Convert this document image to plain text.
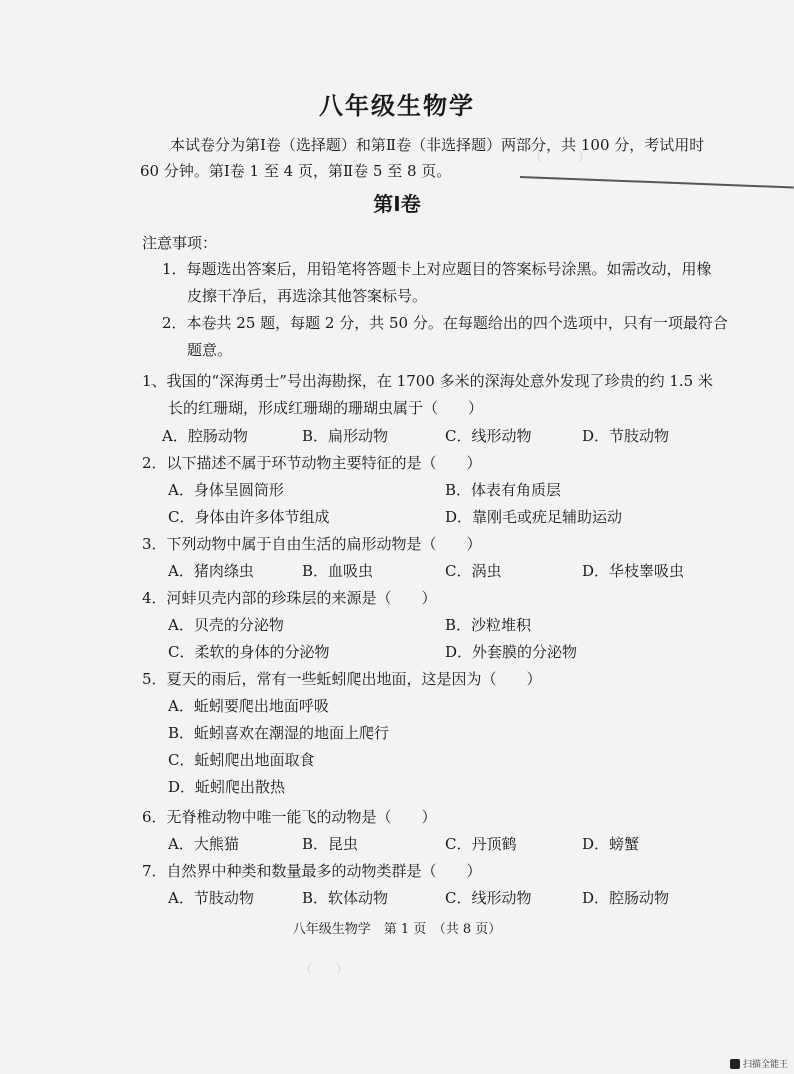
（　　　）　　　　

八年级生物学
本试卷分为第Ⅰ卷（选择题）和第Ⅱ卷（非选择题）两部分，共 100 分，考试用时
60 分钟。第Ⅰ卷 1 至 4 页，第Ⅱ卷 5 至 8 页。
第Ⅰ卷
注意事项：
1．每题选出答案后，用铅笔将答题卡上对应题目的答案标号涂黑。如需改动，用橡
皮擦干净后，再选涂其他答案标号。
2．本卷共 25 题，每题 2 分，共 50 分。在每题给出的四个选项中，只有一项最符合
题意。
1、我国的“深海勇士”号出海勘探，在 1700 多米的深海处意外发现了珍贵的约 1.5 米
长的红珊瑚，形成红珊瑚的珊瑚虫属于（　　）
A．腔肠动物	B．扁形动物	C．线形动物	D．节肢动物
2．以下描述不属于环节动物主要特征的是（　　）
A．身体呈圆筒形	B．体表有角质层
C．身体由许多体节组成	D．靠刚毛或疣足辅助运动
3．下列动物中属于自由生活的扁形动物是（　　）
A．猪肉绦虫	B．血吸虫	C．涡虫	D．华枝睾吸虫
4．河蚌贝壳内部的珍珠层的来源是（　　）
A．贝壳的分泌物	B．沙粒堆积
C．柔软的身体的分泌物	D．外套膜的分泌物
5．夏天的雨后，常有一些蚯蚓爬出地面，这是因为（　　）
A．蚯蚓要爬出地面呼吸
B．蚯蚓喜欢在潮湿的地面上爬行
C．蚯蚓爬出地面取食
D．蚯蚓爬出散热
6．无脊椎动物中唯一能飞的动物是（　　）
A．大熊猫	B．昆虫	C．丹顶鹤	D．螃蟹
7．自然界中种类和数量最多的动物类群是（　　）
A．节肢动物	B．软体动物	C．线形动物	D．腔肠动物
八年级生物学　第 1 页　（共 8 页）
（　　）　　　　　　
扫描全能王
